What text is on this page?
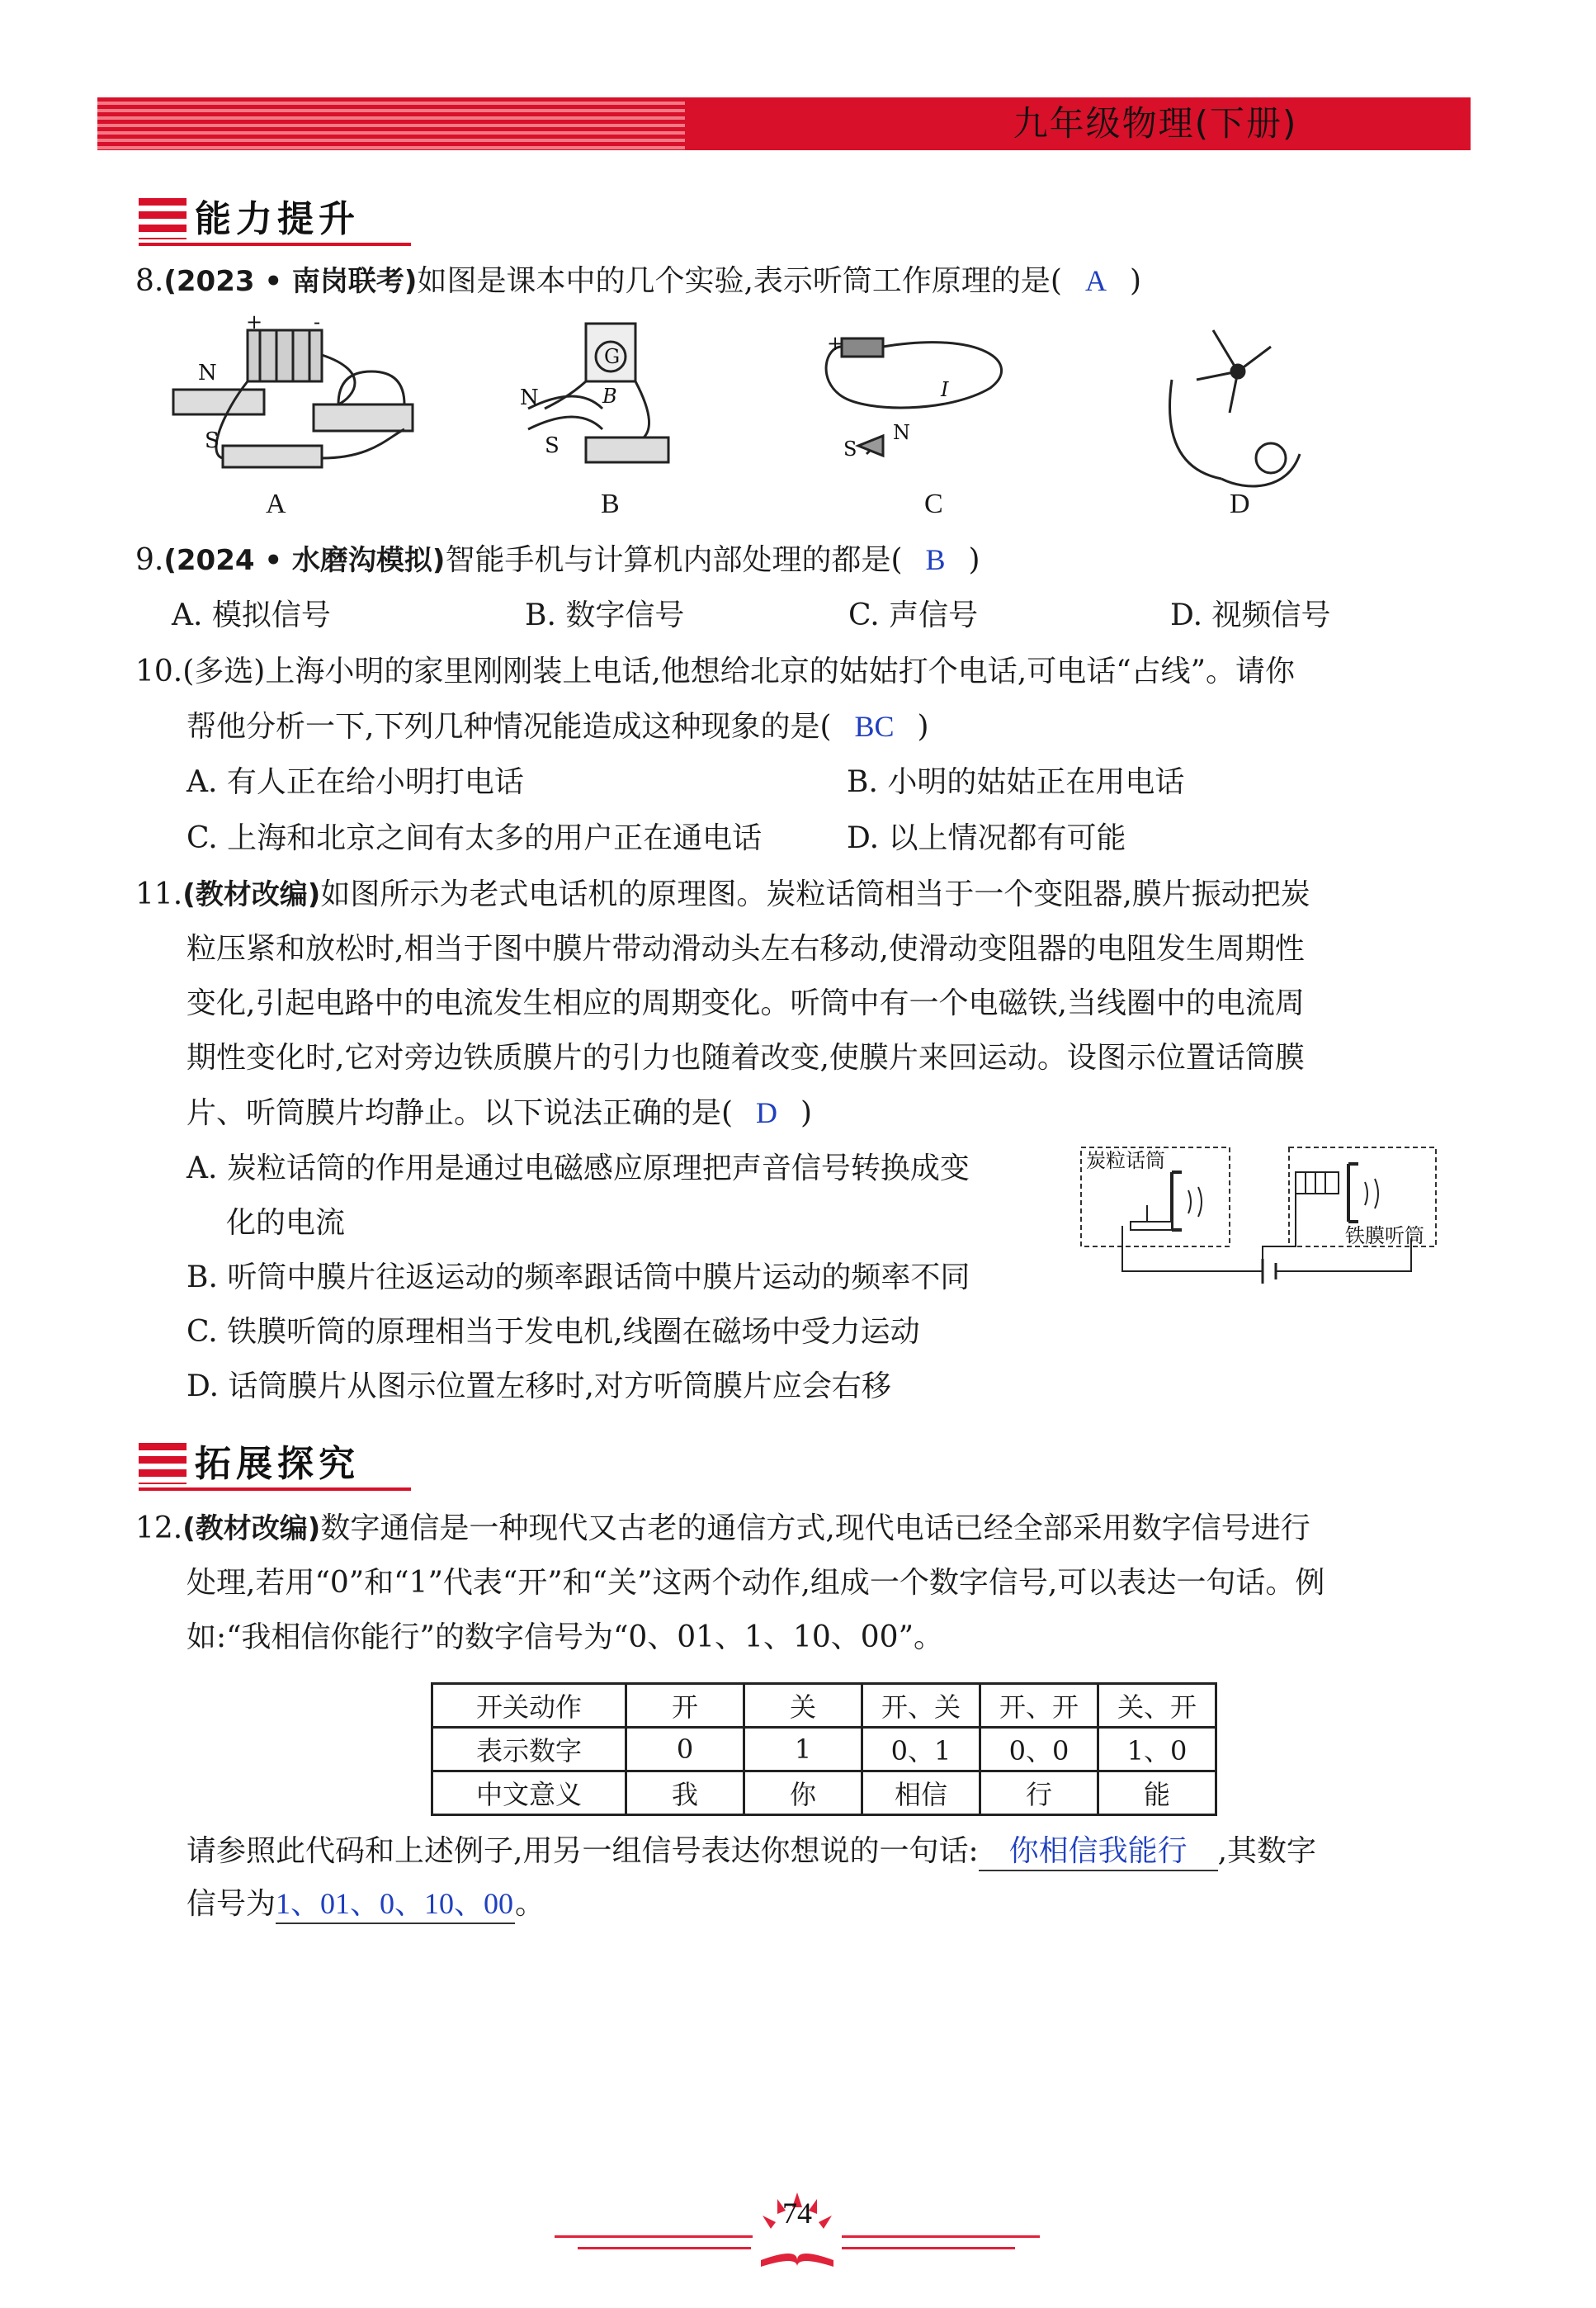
九年级物理(下册)
能力提升
8.(2023 • 南岗联考)如图是课本中的几个实验,表示听筒工作原理的是( A )
N
S
+	-
N
S
B
G
+
I
S
N
A	B	C	D
9.(2024 • 水磨沟模拟)智能手机与计算机内部处理的都是( B )
A. 模拟信号	B. 数字信号	C. 声信号	D. 视频信号
10.(多选)上海小明的家里刚刚装上电话,他想给北京的姑姑打个电话,可电话“占线”。请你
帮他分析一下,下列几种情况能造成这种现象的是( BC )
A. 有人正在给小明打电话	B. 小明的姑姑正在用电话
C. 上海和北京之间有太多的用户正在通电话	D. 以上情况都有可能
11.(教材改编)如图所示为老式电话机的原理图。炭粒话筒相当于一个变阻器,膜片振动把炭
粒压紧和放松时,相当于图中膜片带动滑动头左右移动,使滑动变阻器的电阻发生周期性
变化,引起电路中的电流发生相应的周期变化。听筒中有一个电磁铁,当线圈中的电流周
期性变化时,它对旁边铁质膜片的引力也随着改变,使膜片来回运动。设图示位置话筒膜
片、听筒膜片均静止。以下说法正确的是( D )
A. 炭粒话筒的作用是通过电磁感应原理把声音信号转换成变
化的电流
B. 听筒中膜片往返运动的频率跟话筒中膜片运动的频率不同
C. 铁膜听筒的原理相当于发电机,线圈在磁场中受力运动
D. 话筒膜片从图示位置左移时,对方听筒膜片应会右移
炭粒话筒
铁膜听筒
拓展探究
12.(教材改编)数字通信是一种现代又古老的通信方式,现代电话已经全部采用数字信号进行
处理,若用“0”和“1”代表“开”和“关”这两个动作,组成一个数字信号,可以表达一句话。例
如:“我相信你能行”的数字信号为“0、01、1、10、00”。
开关动作	开	关	开、关	开、开	关、开
表示数字	0	1	0、1	0、0	1、0
中文意义	我	你	相信	行	能
请参照此代码和上述例子,用另一组信号表达你想说的一句话: 你相信我能行 ,其数字
信号为1、01、0、10、00。
74
